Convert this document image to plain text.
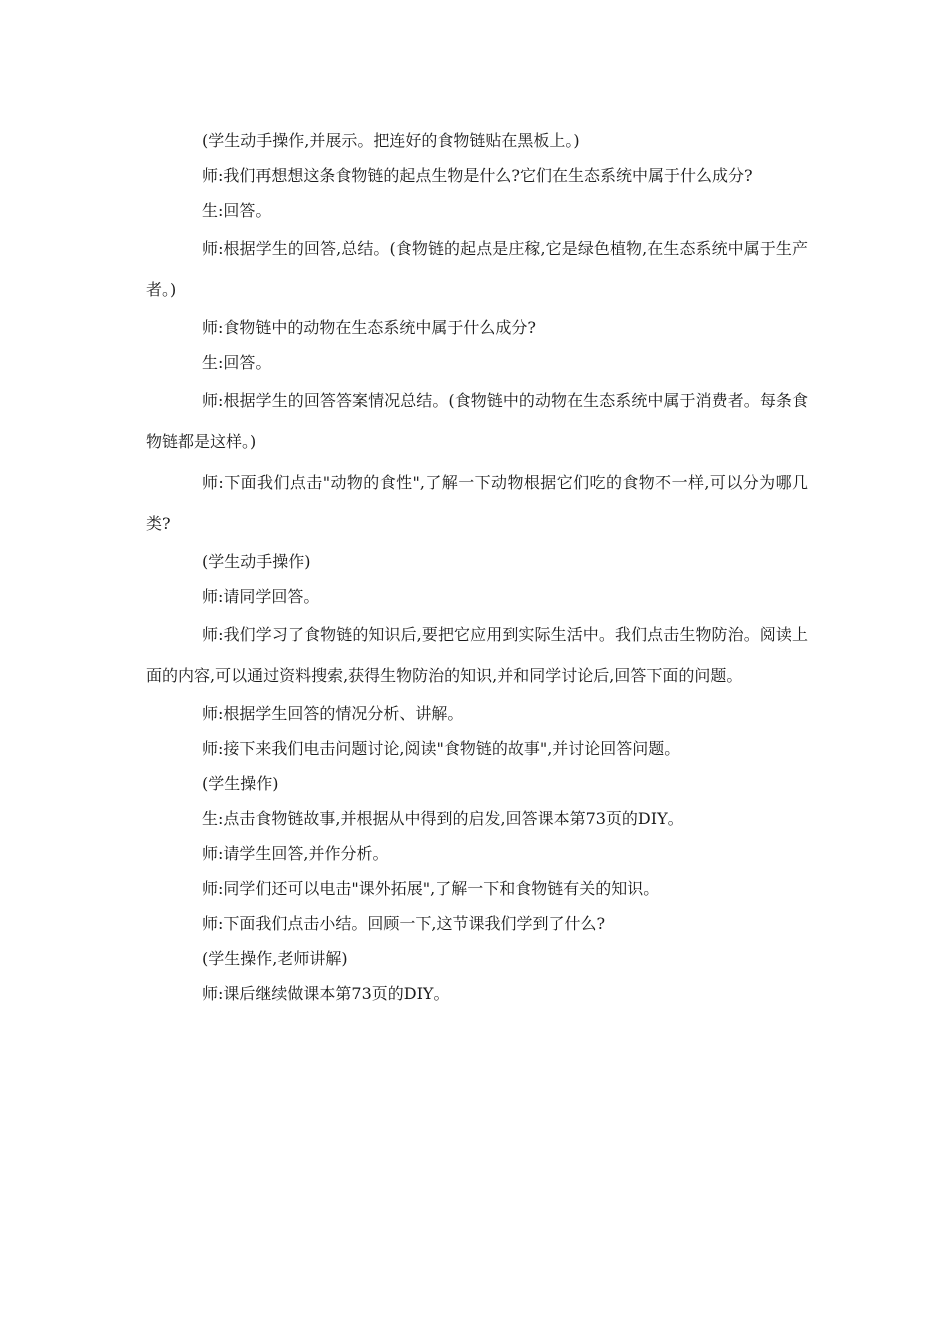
(学生动手操作,并展示。把连好的食物链贴在黑板上。)

师:我们再想想这条食物链的起点生物是什么?它们在生态系统中属于什么成分?

生:回答。

师:根据学生的回答,总结。(食物链的起点是庄稼,它是绿色植物,在生态系统中属于生产者。)

师:食物链中的动物在生态系统中属于什么成分?

生:回答。

师:根据学生的回答答案情况总结。(食物链中的动物在生态系统中属于消费者。每条食物链都是这样。)

师:下面我们点击"动物的食性",了解一下动物根据它们吃的食物不一样,可以分为哪几类?

(学生动手操作)

师:请同学回答。

师:我们学习了食物链的知识后,要把它应用到实际生活中。我们点击生物防治。阅读上面的内容,可以通过资料搜索,获得生物防治的知识,并和同学讨论后,回答下面的问题。

师:根据学生回答的情况分析、讲解。

师:接下来我们电击问题讨论,阅读"食物链的故事",并讨论回答问题。

(学生操作)

生:点击食物链故事,并根据从中得到的启发,回答课本第73页的DIY。

师:请学生回答,并作分析。

师:同学们还可以电击"课外拓展",了解一下和食物链有关的知识。

师:下面我们点击小结。回顾一下,这节课我们学到了什么?

(学生操作,老师讲解)

师:课后继续做课本第73页的DIY。
